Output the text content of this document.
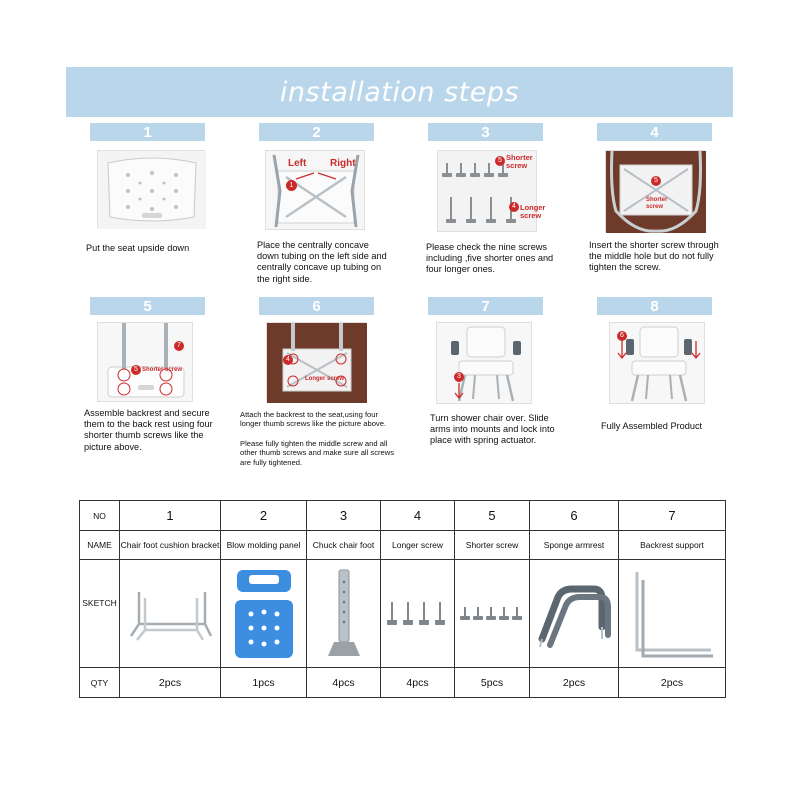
installation steps
1	2	3	4
Put the seat upside down
Left Right
1
Place the centrally concave down tubing on the left side and centrally concave up tubing on the right side.
5 Shorter screw
4 Longer screw
Please check the nine screws including ,five shorter ones and four longer ones.
5
Shorter screw
Insert the shorter screw through the middle hole but do not fully tighten the screw.
5	6	7	8
7
5 Shorter screw
Assemble backrest and secure them to the back rest using four shorter thumb screws like the picture above.
4
Longer screw
Attach the backrest to the seat,using four longer thumb screws like the picture above.
Please fully tighten the middle screw and all other thumb screws and make sure all screws are fully tightened.
3
Turn shower chair over. Slide arms into mounts and lock into place with spring actuator.
6
Fully Assembled Product
NO	1	2	3	4	5	6	7
NAME	Chair foot cushion bracket	Blow molding panel	Chuck chair foot	Longer screw	Shorter screw	Sponge armrest	Backrest support
SKETCH	

QTY	2pcs	1pcs	4pcs	4pcs	5pcs	2pcs	2pcs
